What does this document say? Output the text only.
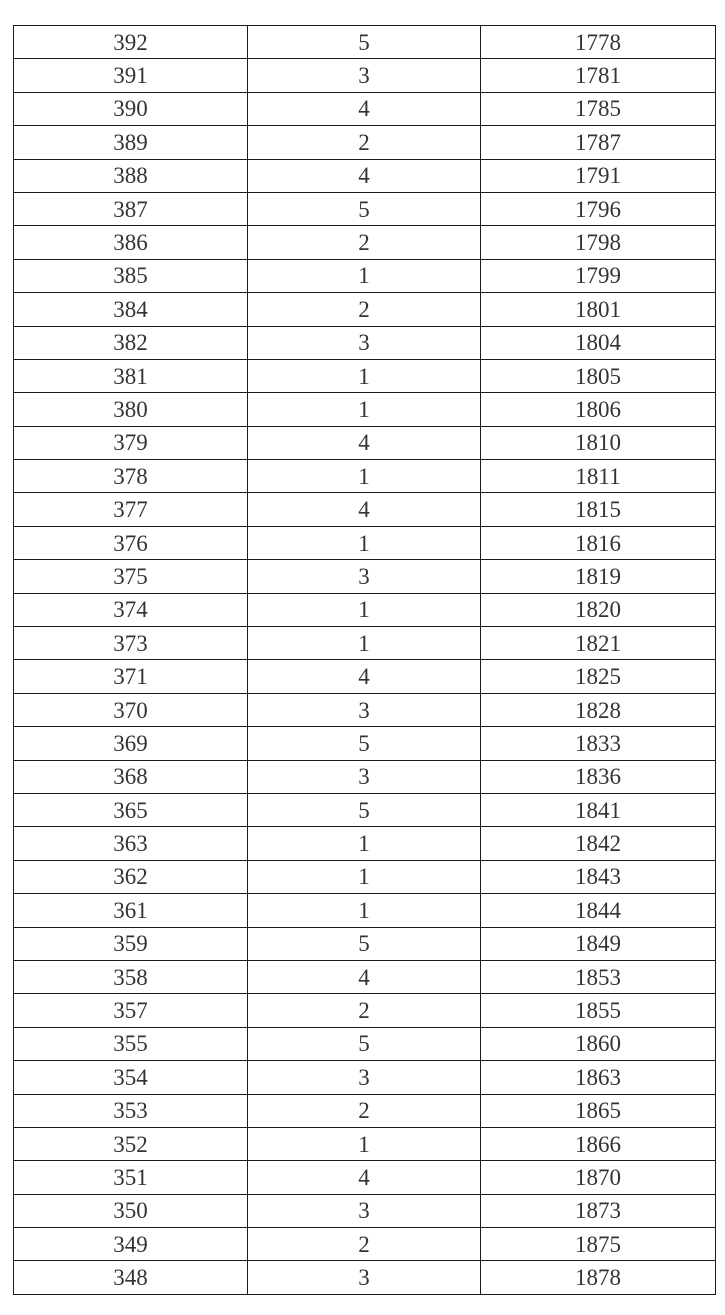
392	5	1778
391	3	1781
390	4	1785
389	2	1787
388	4	1791
387	5	1796
386	2	1798
385	1	1799
384	2	1801
382	3	1804
381	1	1805
380	1	1806
379	4	1810
378	1	1811
377	4	1815
376	1	1816
375	3	1819
374	1	1820
373	1	1821
371	4	1825
370	3	1828
369	5	1833
368	3	1836
365	5	1841
363	1	1842
362	1	1843
361	1	1844
359	5	1849
358	4	1853
357	2	1855
355	5	1860
354	3	1863
353	2	1865
352	1	1866
351	4	1870
350	3	1873
349	2	1875
348	3	1878
